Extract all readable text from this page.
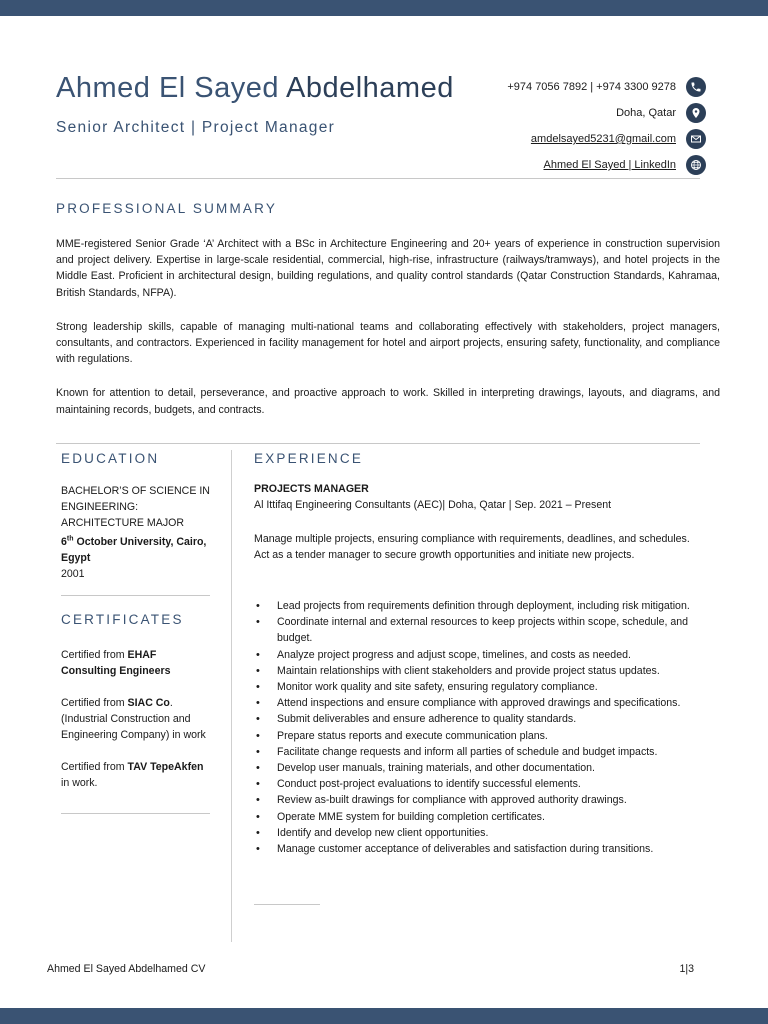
Ahmed El Sayed Abdelhamed
Senior Architect | Project Manager
+974 7056 7892 | +974 3300 9278
Doha, Qatar
amdelsayed5231@gmail.com
Ahmed El Sayed | LinkedIn
PROFESSIONAL SUMMARY

MME-registered Senior Grade ‘A’ Architect with a BSc in Architecture Engineering and 20+ years of experience in construction supervision and project delivery. Expertise in large-scale residential, commercial, high-rise, infrastructure (railways/tramways), and hotel projects in the Middle East. Proficient in architectural design, building regulations, and quality control standards (Qatar Construction Standards, Kahramaa, British Standards, NFPA).

Strong leadership skills, capable of managing multi-national teams and collaborating effectively with stakeholders, project managers, consultants, and contractors. Experienced in facility management for hotel and airport projects, ensuring safety, functionality, and compliance with regulations.

Known for attention to detail, perseverance, and proactive approach to work. Skilled in interpreting drawings, layouts, and diagrams, and maintaining records, budgets, and contracts.

EDUCATION
BACHELOR’S OF SCIENCE IN ENGINEERING:
ARCHITECTURE MAJOR
6th October University, Cairo, Egypt
2001
CERTIFICATES
Certified from EHAF Consulting Engineers
Certified from SIAC Co. (Industrial Construction and Engineering Company) in work
Certified from TAV TepeAkfen in work.
EXPERIENCE
PROJECTS MANAGER
Al Ittifaq Engineering Consultants (AEC)| Doha, Qatar | Sep. 2021 – Present
Manage multiple projects, ensuring compliance with requirements, deadlines, and schedules. Act as a tender manager to secure growth opportunities and initiate new projects.
• Lead projects from requirements definition through deployment, including risk mitigation.
• Coordinate internal and external resources to keep projects within scope, schedule, and budget.
• Analyze project progress and adjust scope, timelines, and costs as needed.
• Maintain relationships with client stakeholders and provide project status updates.
• Monitor work quality and site safety, ensuring regulatory compliance.
• Attend inspections and ensure compliance with approved drawings and specifications.
• Submit deliverables and ensure adherence to quality standards.
• Prepare status reports and execute communication plans.
• Facilitate change requests and inform all parties of schedule and budget impacts.
• Develop user manuals, training materials, and other documentation.
• Conduct post-project evaluations to identify successful elements.
• Review as-built drawings for compliance with approved authority drawings.
• Operate MME system for building completion certificates.
• Identify and develop new client opportunities.
• Manage customer acceptance of deliverables and satisfaction during transitions.
Ahmed El Sayed Abdelhamed CV	1|3
